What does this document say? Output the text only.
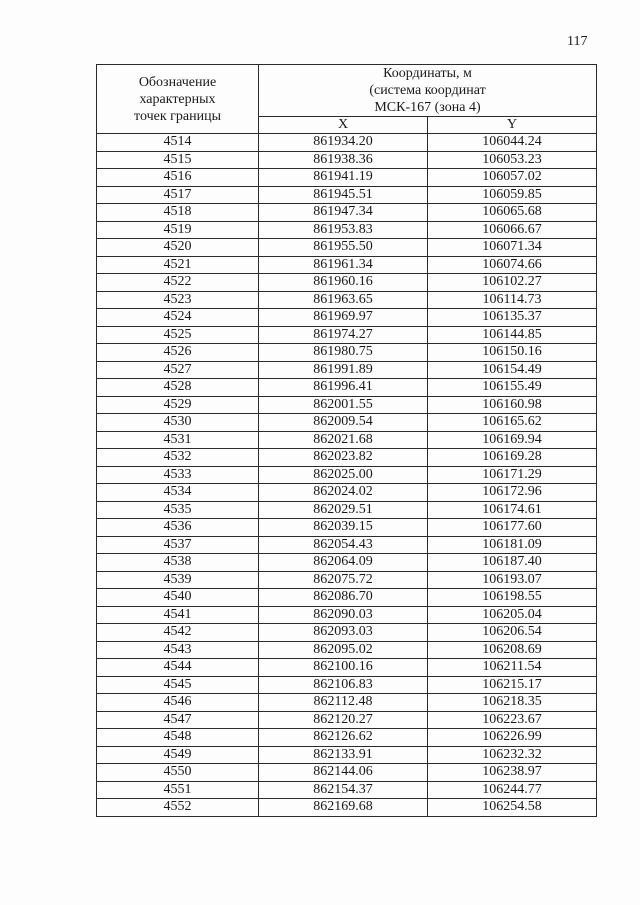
117
Обозначение
характерных
точек границы	Координаты, м
(система координат
МСК-167 (зона 4)	

	X	Y
4514	861934.20	106044.24
4515	861938.36	106053.23
4516	861941.19	106057.02
4517	861945.51	106059.85
4518	861947.34	106065.68
4519	861953.83	106066.67
4520	861955.50	106071.34
4521	861961.34	106074.66
4522	861960.16	106102.27
4523	861963.65	106114.73
4524	861969.97	106135.37
4525	861974.27	106144.85
4526	861980.75	106150.16
4527	861991.89	106154.49
4528	861996.41	106155.49
4529	862001.55	106160.98
4530	862009.54	106165.62
4531	862021.68	106169.94
4532	862023.82	106169.28
4533	862025.00	106171.29
4534	862024.02	106172.96
4535	862029.51	106174.61
4536	862039.15	106177.60
4537	862054.43	106181.09
4538	862064.09	106187.40
4539	862075.72	106193.07
4540	862086.70	106198.55
4541	862090.03	106205.04
4542	862093.03	106206.54
4543	862095.02	106208.69
4544	862100.16	106211.54
4545	862106.83	106215.17
4546	862112.48	106218.35
4547	862120.27	106223.67
4548	862126.62	106226.99
4549	862133.91	106232.32
4550	862144.06	106238.97
4551	862154.37	106244.77
4552	862169.68	106254.58
